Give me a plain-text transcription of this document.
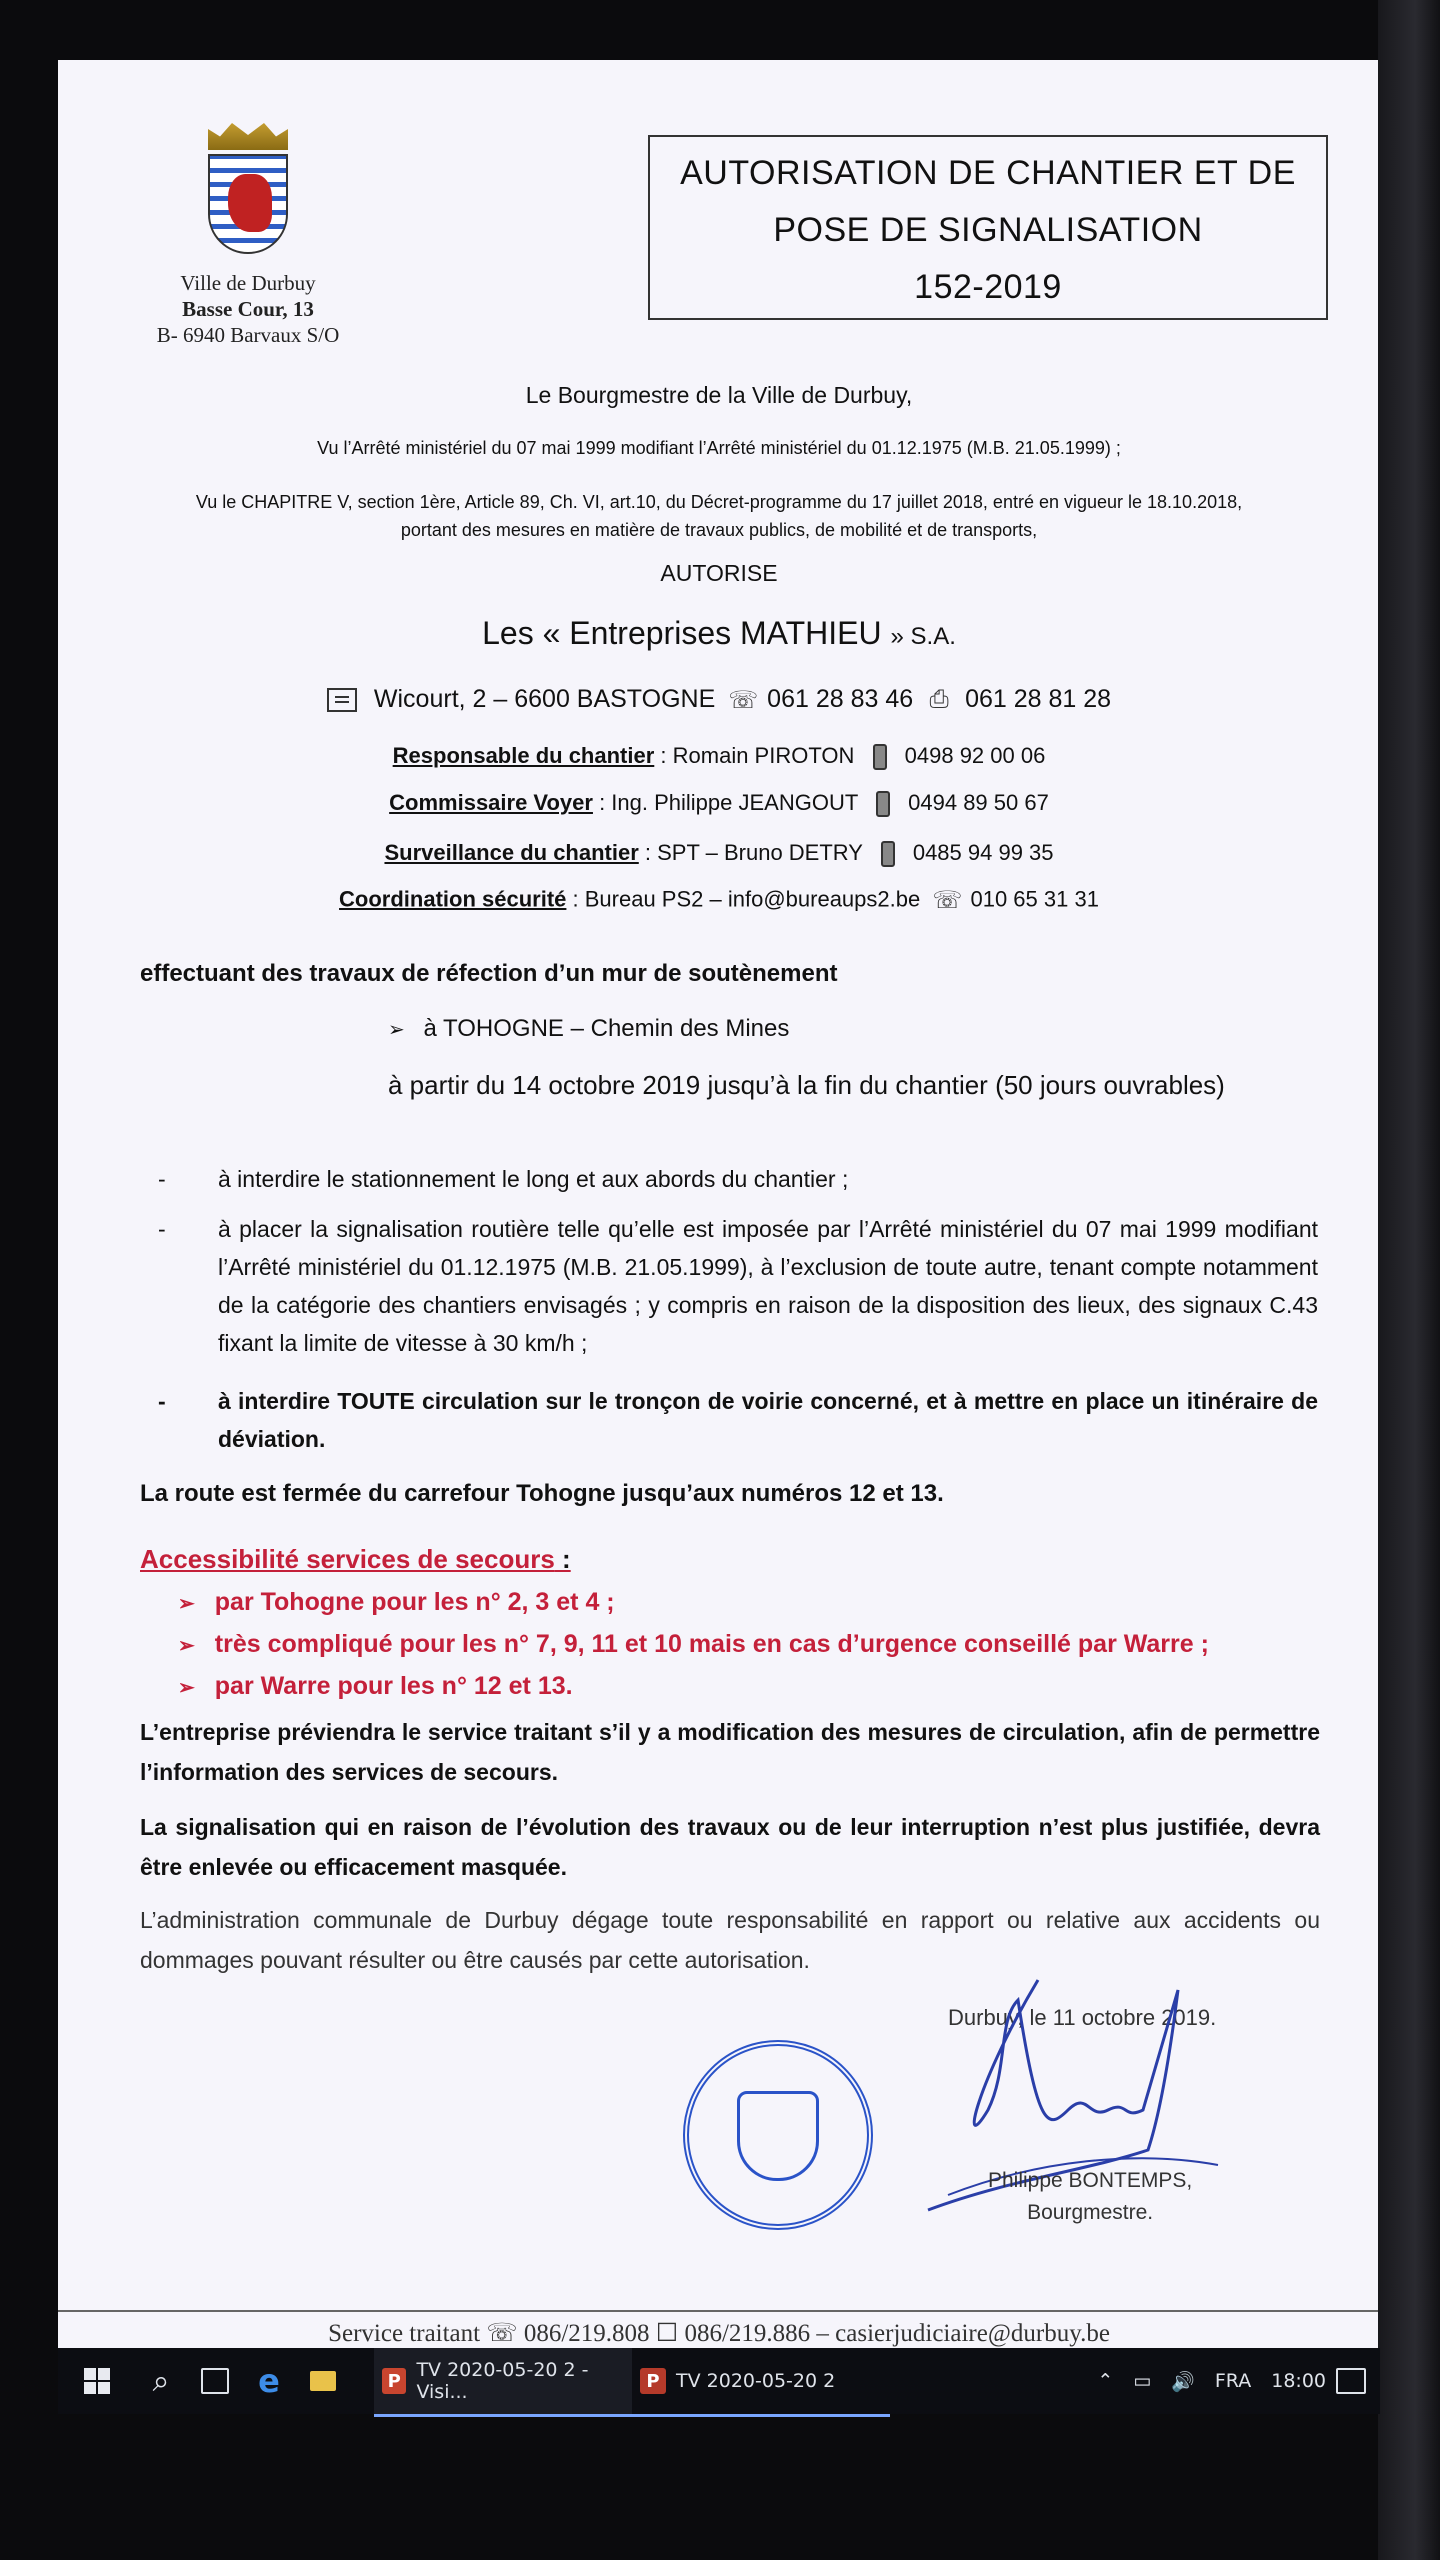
Ville de Durbuy
Basse Cour, 13
B- 6940 Barvaux S/O
AUTORISATION DE CHANTIER ET DE
POSE DE SIGNALISATION
152-2019
Le Bourgmestre de la Ville de Durbuy,
Vu l’Arrêté ministériel du 07 mai 1999 modifiant l’Arrêté ministériel du 01.12.1975 (M.B. 21.05.1999) ;
Vu le CHAPITRE V, section 1ère, Article 89, Ch. VI, art.10, du Décret-programme du 17 juillet 2018, entré en vigueur le 18.10.2018,
portant des mesures en matière de travaux publics, de mobilité et de transports,
AUTORISE
Les « Entreprises MATHIEU » S.A.
Wicourt, 2 – 6600 BASTOGNE ☏ 061 28 83 46 ⎙ 061 28 81 28
Responsable du chantier : Romain PIROTON 0498 92 00 06
Commissaire Voyer : Ing. Philippe JEANGOUT 0494 89 50 67
Surveillance du chantier : SPT – Bruno DETRY 0485 94 99 35
Coordination sécurité : Bureau PS2 – info@bureaups2.be ☏ 010 65 31 31
effectuant des travaux de réfection d’un mur de soutènement
➢ à TOHOGNE – Chemin des Mines
à partir du 14 octobre 2019 jusqu’à la fin du chantier (50 jours ouvrables)
- à interdire le stationnement le long et aux abords du chantier ;
- à placer la signalisation routière telle qu’elle est imposée par l’Arrêté ministériel du 07 mai 1999 modifiant l’Arrêté ministériel du 01.12.1975 (M.B. 21.05.1999), à l’exclusion de toute autre, tenant compte notamment de la catégorie des chantiers envisagés ; y compris en raison de la disposition des lieux, des signaux C.43 fixant la limite de vitesse à 30 km/h ;
- à interdire TOUTE circulation sur le tronçon de voirie concerné, et à mettre en place un itinéraire de déviation.
La route est fermée du carrefour Tohogne jusqu’aux numéros 12 et 13.
Accessibilité services de secours :
➢ par Tohogne pour les n° 2, 3 et 4 ;
➢ très compliqué pour les n° 7, 9, 11 et 10 mais en cas d’urgence conseillé par Warre ;
➢ par Warre pour les n° 12 et 13.
L’entreprise préviendra le service traitant s’il y a modification des mesures de circulation, afin de permettre l’information des services de secours.
La signalisation qui en raison de l’évolution des travaux ou de leur interruption n’est plus justifiée, devra être enlevée ou efficacement masquée.
L’administration communale de Durbuy dégage toute responsabilité en rapport ou relative aux accidents ou dommages pouvant résulter ou être causés par cette autorisation.
Durbuy, le 11 octobre 2019.
Philippe BONTEMPS,
Bourgmestre.
Service traitant ☏ 086/219.808 ☐ 086/219.886 – casierjudiciaire@durbuy.be
⌕	e	P TV 2020-05-20 2 - Visi...	P TV 2020-05-20 2	⌃ ▭ 🔊 FRA 18:00
